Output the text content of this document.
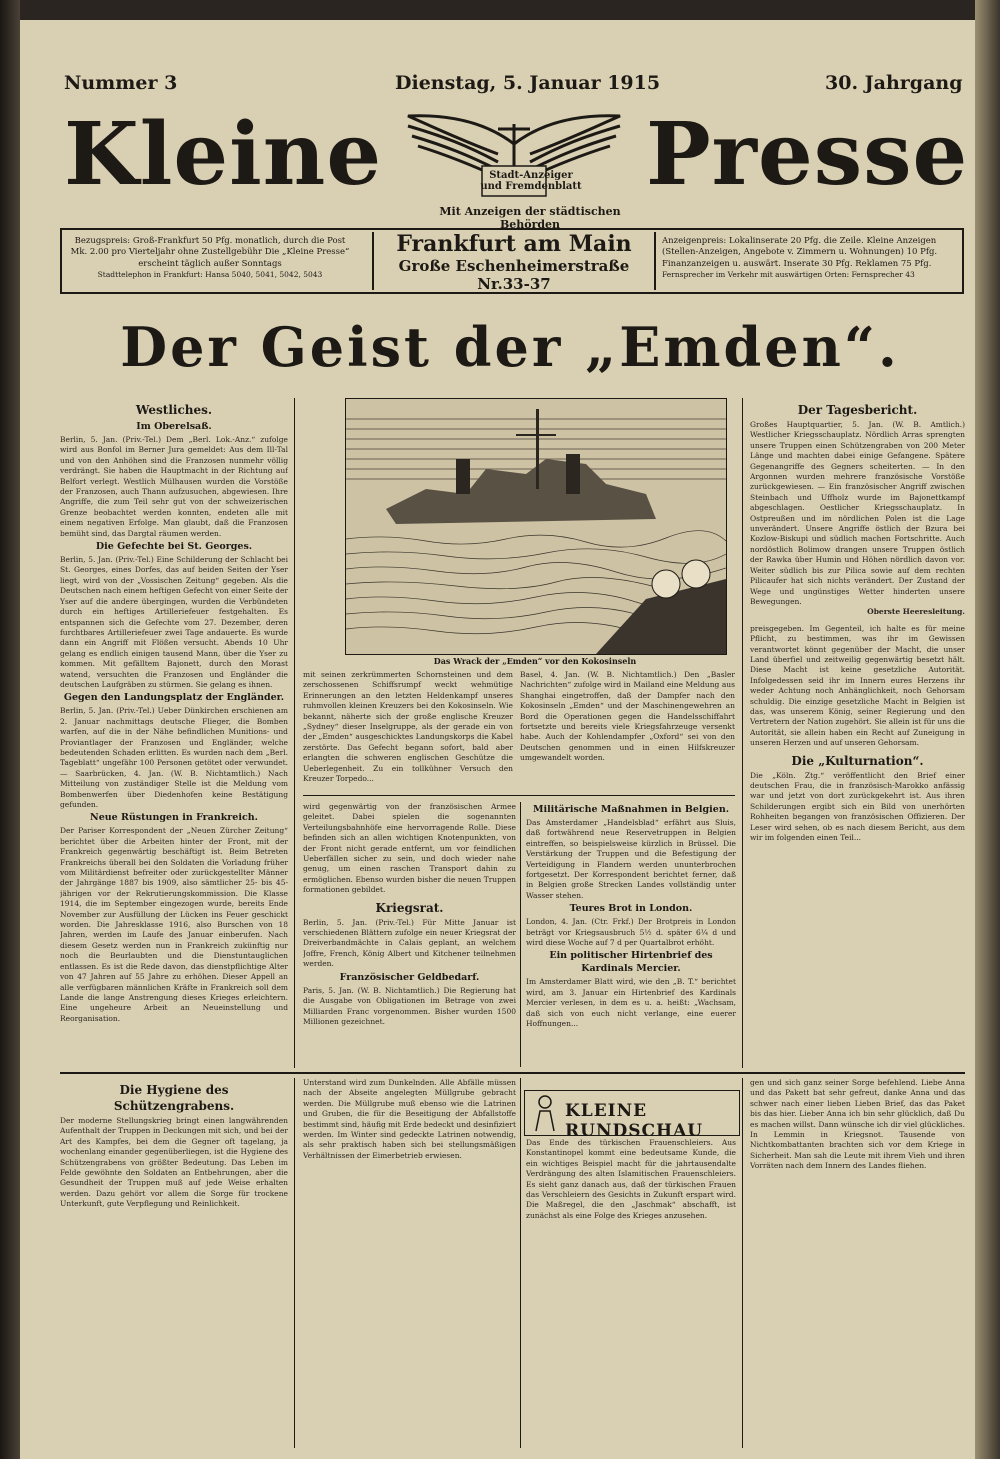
Nummer 3	Dienstag, 5. Januar 1915	30. Jahrgang
Kleine	Presse
Stadt-Anzeiger
und Fremdenblatt
Mit Anzeigen der städtischen Behörden
Bezugspreis: Groß-Frankfurt 50 Pfg. monatlich, durch die Post Mk. 2.00 pro Vierteljahr ohne Zustellgebühr Die „Kleine Presse“ erscheint täglich außer Sonntags
Stadttelephon in Frankfurt: Hansa 5040, 5041, 5042, 5043
Frankfurt am Main
Große Eschenheimerstraße Nr.33-37
Anzeigenpreis: Lokalinserate 20 Pfg. die Zeile. Kleine Anzeigen (Stellen-Anzeigen, Angebote v. Zimmern u. Wohnungen) 10 Pfg. Finanzanzeigen u. auswärt. Inserate 30 Pfg. Reklamen 75 Pfg.
Fernsprecher im Verkehr mit auswärtigen Orten: Fernsprecher 43
Der Geist der „Emden“.
Westliches.
Im Oberelsaß.
Berlin, 5. Jan. (Priv.-Tel.) Dem „Berl. Lok.-Anz.“ zufolge wird aus Bonfol im Berner Jura gemeldet: Aus dem Ill-Tal und von den Anhöhen sind die Franzosen nunmehr völlig verdrängt. Sie haben die Hauptmacht in der Richtung auf Belfort verlegt. Westlich Mülhausen wurden die Vorstöße der Franzosen, auch Thann aufzusuchen, abgewiesen. Ihre Angriffe, die zum Teil sehr gut von der schweizerischen Grenze beobachtet werden konnten, endeten alle mit einem negativen Erfolge. Man glaubt, daß die Franzosen bemüht sind, das Dargtal räumen werden.
Die Gefechte bei St. Georges.
Berlin, 5. Jan. (Priv.-Tel.) Eine Schilderung der Schlacht bei St. Georges, eines Dorfes, das auf beiden Seiten der Yser liegt, wird von der „Vossischen Zeitung“ gegeben. Als die Deutschen nach einem heftigen Gefecht von einer Seite der Yser auf die andere übergingen, wurden die Verbündeten durch ein heftiges Artilleriefeuer festgehalten. Es entspannen sich die Gefechte vom 27. Dezember, deren furchtbares Artilleriefeuer zwei Tage andauerte. Es wurde dann ein Angriff mit Flößen versucht. Abends 10 Uhr gelang es endlich einigen tausend Mann, über die Yser zu kommen. Mit gefälltem Bajonett, durch den Morast watend, versuchten die Franzosen und Engländer die deutschen Laufgräben zu stürmen. Sie gelang es ihnen.
Gegen den Landungsplatz der Engländer.
Berlin, 5. Jan. (Priv.-Tel.) Ueber Dünkirchen erschienen am 2. Januar nachmittags deutsche Flieger, die Bomben warfen, auf die in der Nähe befindlichen Munitions- und Proviantlager der Franzosen und Engländer, welche bedeutenden Schaden erlitten. Es wurden nach dem „Berl. Tageblatt“ ungefähr 100 Personen getötet oder verwundet. — Saarbrücken, 4. Jan. (W. B. Nichtamtlich.) Nach Mitteilung von zuständiger Stelle ist die Meldung vom Bombenwerfen über Diedenhofen keine Bestätigung gefunden.
Neue Rüstungen in Frankreich.
Der Pariser Korrespondent der „Neuen Zürcher Zeitung“ berichtet über die Arbeiten hinter der Front, mit der Frankreich gegenwärtig beschäftigt ist. Beim Betreten Frankreichs überall bei den Soldaten die Vorladung früher vom Militärdienst befreiter oder zurückgestellter Männer der Jahrgänge 1887 bis 1909, also sämtlicher 25- bis 45-jährigen vor der Rekrutierungskommission. Die Klasse 1914, die im September eingezogen wurde, bereits Ende November zur Ausfüllung der Lücken ins Feuer geschickt worden. Die Jahresklasse 1916, also Burschen von 18 Jahren, werden im Laufe des Januar einberufen. Nach diesem Gesetz werden nun in Frankreich zukünftig nur noch die Beurlaubten und die Dienstuntauglichen entlassen. Es ist die Rede davon, das dienstpflichtige Alter von 47 Jahren auf 55 Jahre zu erhöhen. Dieser Appell an alle verfügbaren männlichen Kräfte in Frankreich soll dem Lande die lange Anstrengung dieses Krieges erleichtern. Eine ungeheure Arbeit an Neueinstellung und Reorganisation.
Das Wrack der „Emden“ vor den Kokosinseln
mit seinen zerkrümmerten Schornsteinen und dem zerschossenen Schiffsrumpf weckt wehmütige Erinnerungen an den letzten Heldenkampf unseres ruhmvollen kleinen Kreuzers bei den Kokosinseln. Wie bekannt, näherte sich der große englische Kreuzer „Sydney“ dieser Inselgruppe, als der gerade ein von der „Emden“ ausgeschicktes Landungskorps die Kabel zerstörte. Das Gefecht begann sofort, bald aber erlangten die schweren englischen Geschütze die Ueberlegenheit. Zu ein tollkühner Versuch den Kreuzer Torpedo...
Basel, 4. Jan. (W. B. Nichtamtlich.) Den „Basler Nachrichten“ zufolge wird in Mailand eine Meldung aus Shanghai eingetroffen, daß der Dampfer nach den Kokosinseln „Emden“ und der Maschinengewehren an Bord die Operationen gegen die Handelsschiffahrt fortsetzte und bereits viele Kriegsfahrzeuge versenkt habe. Auch der Kohlendampfer „Oxford“ sei von den Deutschen genommen und in einen Hilfskreuzer umgewandelt worden.
wird gegenwärtig von der französischen Armee geleitet. Dabei spielen die sogenannten Verteilungsbahnhöfe eine hervorragende Rolle. Diese befinden sich an allen wichtigen Knotenpunkten, von der Front nicht gerade entfernt, um vor feindlichen Ueberfällen sicher zu sein, und doch wieder nahe genug, um einen raschen Transport dahin zu ermöglichen. Ebenso wurden bisher die neuen Truppen formationen gebildet.
Kriegsrat.
Berlin, 5. Jan. (Priv.-Tel.) Für Mitte Januar ist verschiedenen Blättern zufolge ein neuer Kriegsrat der Dreiverbandmächte in Calais geplant, an welchem Joffre, French, König Albert und Kitchener teilnehmen werden.
Französischer Geldbedarf.
Paris, 5. Jan. (W. B. Nichtamtlich.) Die Regierung hat die Ausgabe von Obligationen im Betrage von zwei Milliarden Franc vorgenommen. Bisher wurden 1500 Millionen gezeichnet.
Militärische Maßnahmen in Belgien.
Das Amsterdamer „Handelsblad“ erfährt aus Sluis, daß fortwährend neue Reservetruppen in Belgien eintreffen, so beispielsweise kürzlich in Brüssel. Die Verstärkung der Truppen und die Befestigung der Verteidigung in Flandern werden ununterbrochen fortgesetzt. Der Korrespondent berichtet ferner, daß in Belgien große Strecken Landes vollständig unter Wasser stehen.
Teures Brot in London.
London, 4. Jan. (Ctr. Frkf.) Der Brotpreis in London beträgt vor Kriegsausbruch 5½ d. später 6¼ d und wird diese Woche auf 7 d per Quartalbrot erhöht.
Ein politischer Hirtenbrief des Kardinals Mercier.
Im Amsterdamer Blatt wird, wie den „B. T.“ berichtet wird, am 3. Januar ein Hirtenbrief des Kardinals Mercier verlesen, in dem es u. a. heißt: „Wachsam, daß sich von euch nicht verlange, eine euerer Hoffnungen...
Der Tagesbericht.
Großes Hauptquartier, 5. Jan. (W. B. Amtlich.) Westlicher Kriegsschauplatz. Nördlich Arras sprengten unsere Truppen einen Schützengraben von 200 Meter Länge und machten dabei einige Gefangene. Spätere Gegenangriffe des Gegners scheiterten. — In den Argonnen wurden mehrere französische Vorstöße zurückgewiesen. — Ein französischer Angriff zwischen Steinbach und Uffholz wurde im Bajonettkampf abgeschlagen. Oestlicher Kriegsschauplatz. In Ostpreußen und im nördlichen Polen ist die Lage unverändert. Unsere Angriffe östlich der Bzura bei Kozlow-Biskupi und südlich machen Fortschritte. Auch nordöstlich Bolimow drangen unsere Truppen östlich der Rawka über Humin und Höhen nördlich davon vor. Weiter südlich bis zur Pilica sowie auf dem rechten Pilicaufer hat sich nichts verändert. Der Zustand der Wege und ungünstiges Wetter hinderten unsere Bewegungen.
Oberste Heeresleitung.
preisgegeben. Im Gegenteil, ich halte es für meine Pflicht, zu bestimmen, was ihr im Gewissen verantwortet könnt gegenüber der Macht, die unser Land überfiel und zeitweilig gegenwärtig besetzt hält. Diese Macht ist keine gesetzliche Autorität. Infolgedessen seid ihr im Innern eures Herzens ihr weder Achtung noch Anhänglichkeit, noch Gehorsam schuldig. Die einzige gesetzliche Macht in Belgien ist das, was unserem König, seiner Regierung und den Vertretern der Nation zugehört. Sie allein ist für uns die Autorität, sie allein haben ein Recht auf Zuneigung in unseren Herzen und auf unseren Gehorsam.
Die „Kulturnation“.
Die „Köln. Ztg.“ veröffentlicht den Brief einer deutschen Frau, die in französisch-Marokko anfässig war und jetzt von dort zurückgekehrt ist. Aus ihren Schilderungen ergibt sich ein Bild von unerhörten Rohheiten begangen von französischen Offizieren. Der Leser wird sehen, ob es nach diesem Bericht, aus dem wir im folgenden einen Teil...
Die Hygiene des Schützengrabens.
Der moderne Stellungskrieg bringt einen langwährenden Aufenthalt der Truppen in Deckungen mit sich, und bei der Art des Kampfes, bei dem die Gegner oft tagelang, ja wochenlang einander gegenüberliegen, ist die Hygiene des Schützengrabens von größter Bedeutung. Das Leben im Felde gewöhnte den Soldaten an Entbehrungen, aber die Gesundheit der Truppen muß auf jede Weise erhalten werden. Dazu gehört vor allem die Sorge für trockene Unterkunft, gute Verpflegung und Reinlichkeit.
Unterstand wird zum Dunkelnden. Alle Abfälle müssen nach der Abseite angelegten Müllgrube gebracht werden. Die Müllgrube muß ebenso wie die Latrinen und Gruben, die für die Beseitigung der Abfallstoffe bestimmt sind, häufig mit Erde bedeckt und desinfiziert werden. Im Winter sind gedeckte Latrinen notwendig, als sehr praktisch haben sich bei stellungsmäßigen Verhältnissen der Eimerbetrieb erwiesen.
KLEINE RUNDSCHAU
Das Ende des türkischen Frauenschleiers. Aus Konstantinopel kommt eine bedeutsame Kunde, die ein wichtiges Beispiel macht für die jahrtausendalte Verdrängung des alten Islamitischen Frauenschleiers. Es sieht ganz danach aus, daß der türkischen Frauen das Verschleiern des Gesichts in Zukunft erspart wird. Die Maßregel, die den „Jaschmak“ abschafft, ist zunächst als eine Folge des Krieges anzusehen.
gen und sich ganz seiner Sorge befehlend. Liebe Anna und das Pakett bat sehr gefreut, danke Anna und das schwer nach einer lieben Lieben Brief, das das Paket bis das hier. Lieber Anna ich bin sehr glücklich, daß Du es machen willst. Dann wünsche ich dir viel glückliches. In Lemmin in Kriegsnot. Tausende von Nichtkombattanten brachten sich vor dem Kriege in Sicherheit. Man sah die Leute mit ihrem Vieh und ihren Vorräten nach dem Innern des Landes fliehen.
